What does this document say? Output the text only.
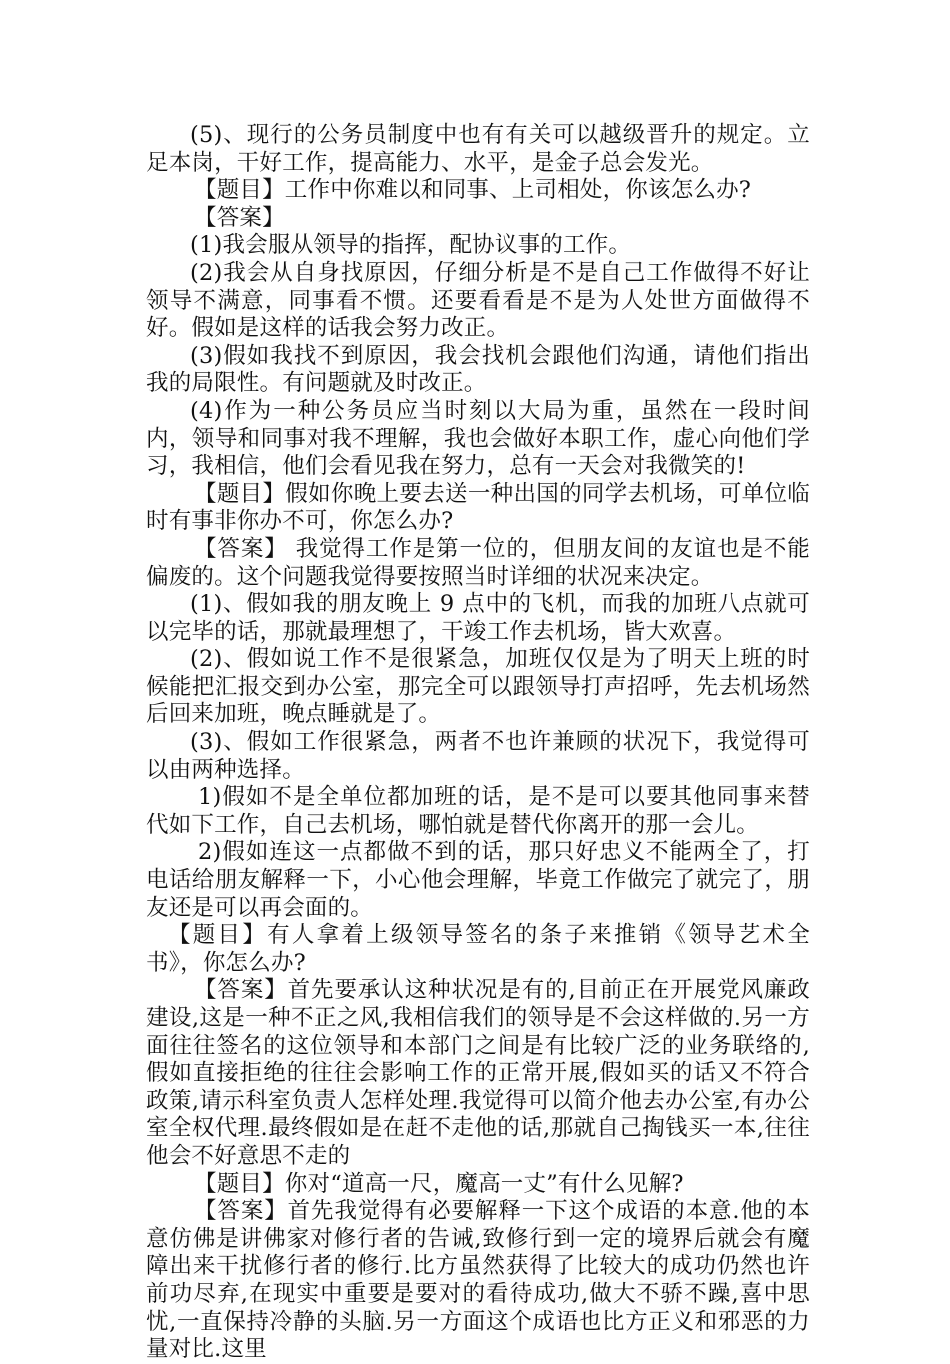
(5)、现行的公务员制度中也有有关可以越级晋升的规定。立足本岗，干好工作，提高能力、水平，是金子总会发光。

【题目】工作中你难以和同事、上司相处，你该怎么办?

【答案】

(1)我会服从领导的指挥，配协议事的工作。

(2)我会从自身找原因，仔细分析是不是自己工作做得不好让领导不满意，同事看不惯。还要看看是不是为人处世方面做得不好。假如是这样的话我会努力改正。

(3)假如我找不到原因，我会找机会跟他们沟通，请他们指出我的局限性。有问题就及时改正。

(4)作为一种公务员应当时刻以大局为重，虽然在一段时间内，领导和同事对我不理解，我也会做好本职工作，虚心向他们学习，我相信，他们会看见我在努力，总有一天会对我微笑的!

【题目】假如你晚上要去送一种出国的同学去机场，可单位临时有事非你办不可，你怎么办?

【答案】 我觉得工作是第一位的，但朋友间的友谊也是不能偏废的。这个问题我觉得要按照当时详细的状况来决定。

(1)、假如我的朋友晚上 9 点中的飞机，而我的加班八点就可以完毕的话，那就最理想了，干竣工作去机场，皆大欢喜。

(2)、假如说工作不是很紧急，加班仅仅是为了明天上班的时候能把汇报交到办公室，那完全可以跟领导打声招呼，先去机场然后回来加班，晚点睡就是了。

(3)、假如工作很紧急，两者不也许兼顾的状况下，我觉得可以由两种选择。

1)假如不是全单位都加班的话，是不是可以要其他同事来替代如下工作，自己去机场，哪怕就是替代你离开的那一会儿。

2)假如连这一点都做不到的话，那只好忠义不能两全了，打电话给朋友解释一下，小心他会理解，毕竟工作做完了就完了，朋友还是可以再会面的。

【题目】有人拿着上级领导签名的条子来推销《领导艺术全书》，你怎么办?

【答案】首先要承认这种状况是有的,目前正在开展党风廉政建设,这是一种不正之风,我相信我们的领导是不会这样做的.另一方面往往签名的这位领导和本部门之间是有比较广泛的业务联络的,假如直接拒绝的往往会影响工作的正常开展,假如买的话又不符合政策,请示科室负责人怎样处理.我觉得可以简介他去办公室,有办公室全权代理.最终假如是在赶不走他的话,那就自己掏钱买一本,往往他会不好意思不走的

【题目】你对“道高一尺，魔高一丈”有什么见解?

【答案】首先我觉得有必要解释一下这个成语的本意.他的本意仿佛是讲佛家对修行者的告诫,致修行到一定的境界后就会有魔障出来干扰修行者的修行.比方虽然获得了比较大的成功仍然也许前功尽弃,在现实中重要是要对的看待成功,做大不骄不躁,喜中思忧,一直保持冷静的头脑.另一方面这个成语也比方正义和邪恶的力量对比.这里
